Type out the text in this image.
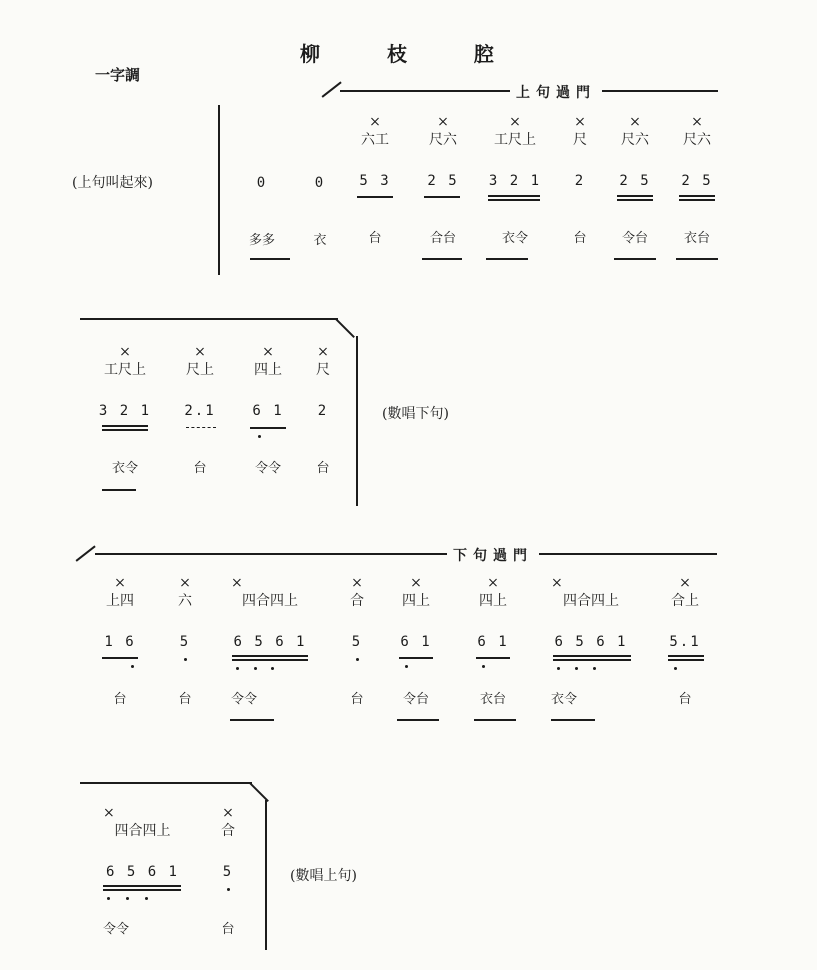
柳 枝 腔
一字調
上句過門
(上句叫起來)	0
多多
0
衣
×
六工
5 3
台
×
尺六
2 5
合台
×
工尺上
3 2 1
衣令
×
尺
2
台
×
尺六
2 5
令台
×
尺六
2 5
衣台
(數唱下句)
×
工尺上
3 2 1
衣令
×
尺上
2.1
台
×
四上
6 1
令令
×
尺
2
台
下句過門
×
上四
1 6
台
×
六
5
台
×
四合四上
6 5 6 1
令令
×
合
5
台
×
四上
6 1
令台
×
四上
6 1
衣台
×
四合四上
6 5 6 1
衣令
×
合上
5.1
台
(數唱上句)
×
四合四上
6 5 6 1
令令
×
合
5
台
